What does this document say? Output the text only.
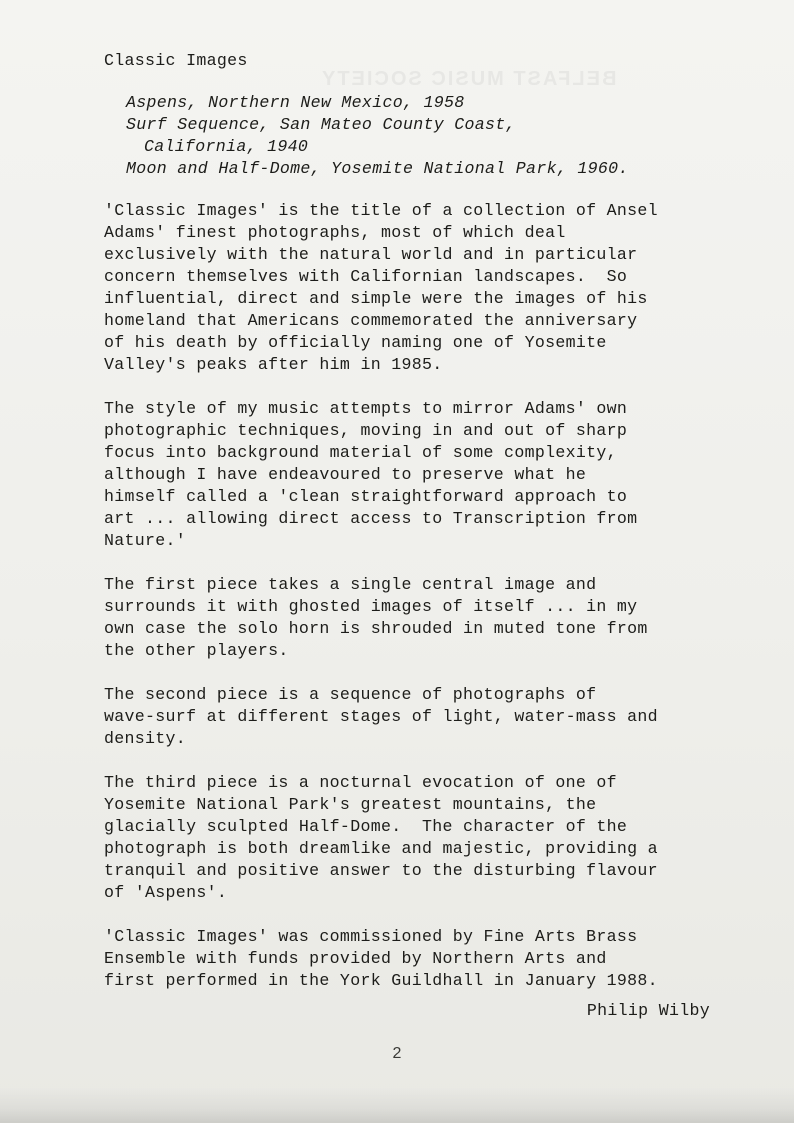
BELFAST MUSIC SOCIETY
Classic Images
Aspens, Northern New Mexico, 1958
Surf Sequence, San Mateo County Coast,
California, 1940
Moon and Half-Dome, Yosemite National Park, 1960.
'Classic Images' is the title of a collection of Ansel
Adams' finest photographs, most of which deal
exclusively with the natural world and in particular
concern themselves with Californian landscapes.  So
influential, direct and simple were the images of his
homeland that Americans commemorated the anniversary
of his death by officially naming one of Yosemite
Valley's peaks after him in 1985.
The style of my music attempts to mirror Adams' own
photographic techniques, moving in and out of sharp
focus into background material of some complexity,
although I have endeavoured to preserve what he
himself called a 'clean straightforward approach to
art ... allowing direct access to Transcription from
Nature.'
The first piece takes a single central image and
surrounds it with ghosted images of itself ... in my
own case the solo horn is shrouded in muted tone from
the other players.
The second piece is a sequence of photographs of
wave-surf at different stages of light, water-mass and
density.
The third piece is a nocturnal evocation of one of
Yosemite National Park's greatest mountains, the
glacially sculpted Half-Dome.  The character of the
photograph is both dreamlike and majestic, providing a
tranquil and positive answer to the disturbing flavour
of 'Aspens'.
'Classic Images' was commissioned by Fine Arts Brass
Ensemble with funds provided by Northern Arts and
first performed in the York Guildhall in January 1988.
Philip Wilby
2
